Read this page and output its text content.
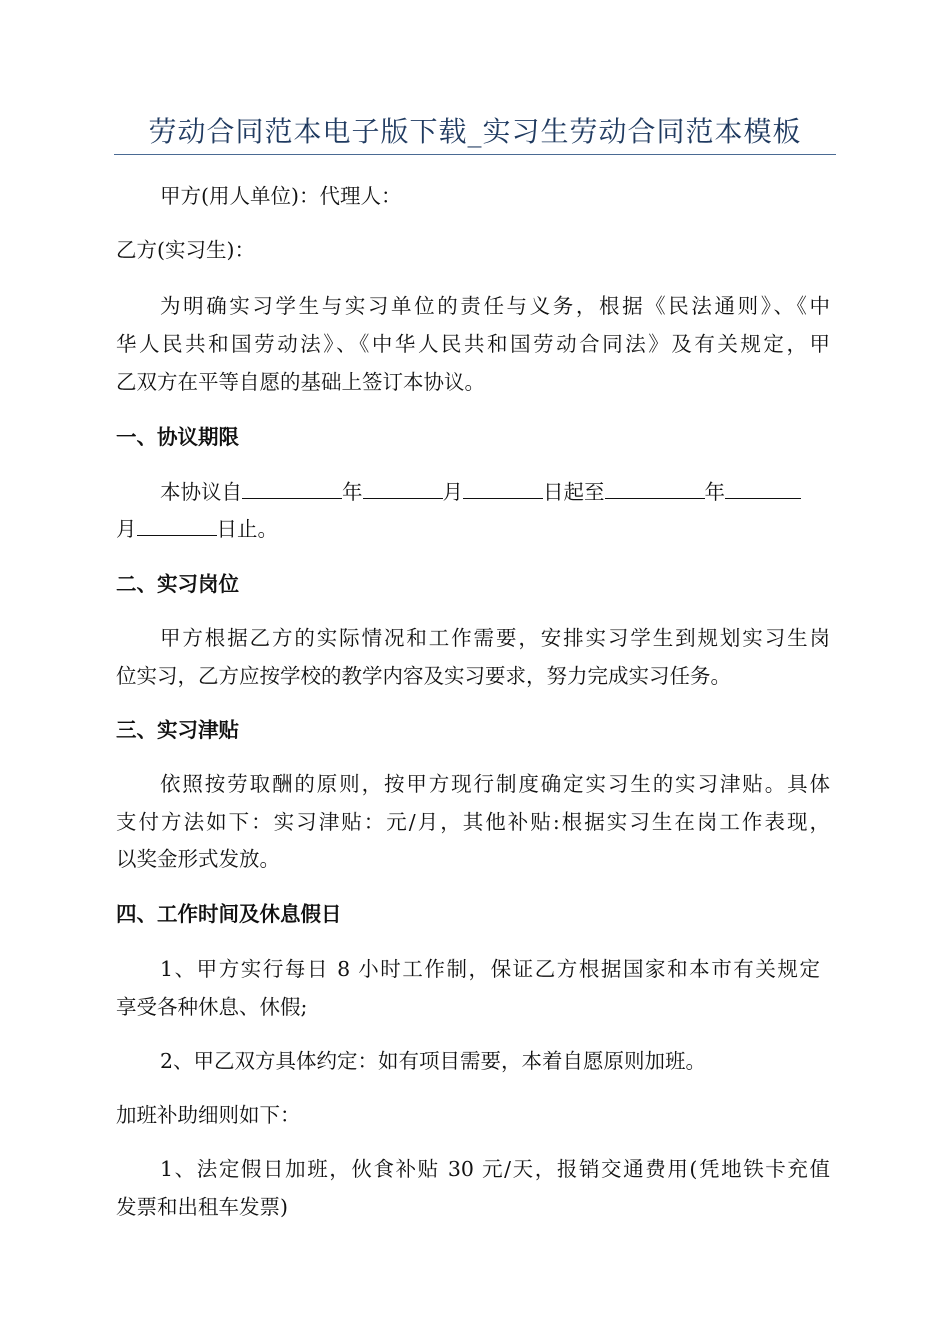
劳动合同范本电子版下载_实习生劳动合同范本模板
甲方(用人单位)：代理人：
乙方(实习生)：
为明确实习学生与实习单位的责任与义务，根据《民法通则》、《中
华人民共和国劳动法》、《中华人民共和国劳动合同法》及有关规定，甲
乙双方在平等自愿的基础上签订本协议。
一、协议期限
本协议自	年	月	日起至	年
月	日止。
二、实习岗位
甲方根据乙方的实际情况和工作需要，安排实习学生到规划实习生岗
位实习，乙方应按学校的教学内容及实习要求，努力完成实习任务。
三、实习津贴
依照按劳取酬的原则，按甲方现行制度确定实习生的实习津贴。具体
支付方法如下：实习津贴：元/月，其他补贴:根据实习生在岗工作表现，
以奖金形式发放。
四、工作时间及休息假日
1、甲方实行每日 8 小时工作制，保证乙方根据国家和本市有关规定
享受各种休息、休假;
2、甲乙双方具体约定：如有项目需要，本着自愿原则加班。
加班补助细则如下：
1、法定假日加班，伙食补贴 30 元/天，报销交通费用(凭地铁卡充值
发票和出租车发票)
